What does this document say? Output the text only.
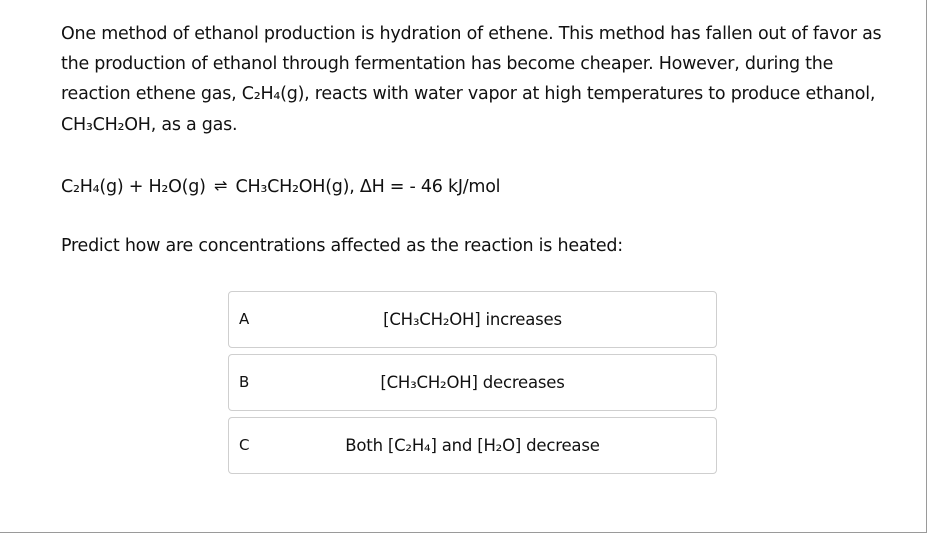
One method of ethanol production is hydration of ethene. This method has fallen out of favor as the production of ethanol through fermentation has become cheaper. However, during the reaction ethene gas, C₂H₄(g), reacts with water vapor at high temperatures to produce ethanol, CH₃CH₂OH, as a gas.

C₂H₄(g) + H₂O(g) ⇌ CH₃CH₂OH(g), ΔH = - 46 kJ/mol
Predict how are concentrations affected as the reaction is heated:
A	[CH₃CH₂OH] increases
B	[CH₃CH₂OH] decreases
C	Both [C₂H₄] and [H₂O] decrease
